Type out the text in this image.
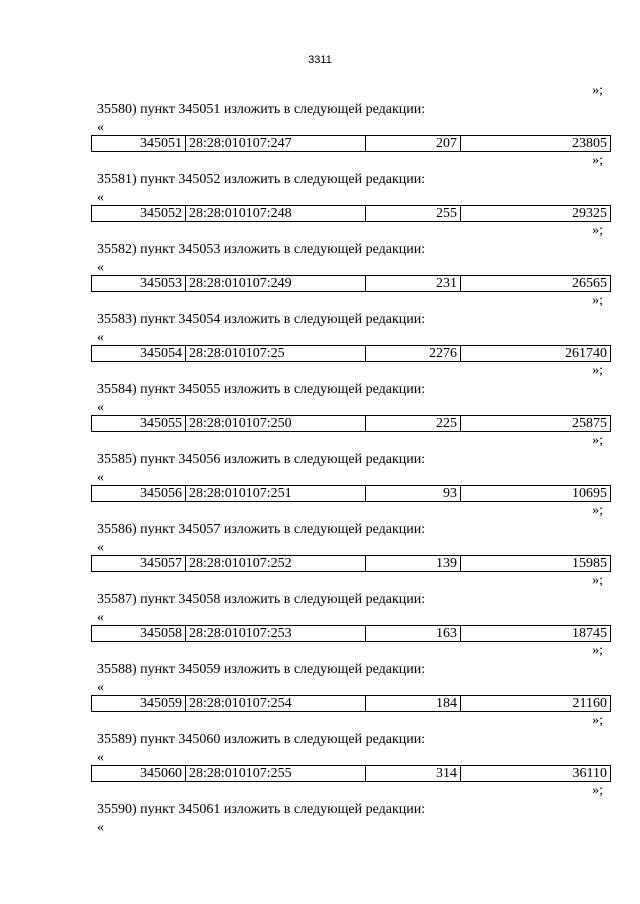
3311
»;
35580) пункт 345051 изложить в следующей редакции:
«
345051	28:28:010107:247	207	23805
»;
35581) пункт 345052 изложить в следующей редакции:
«
345052	28:28:010107:248	255	29325
»;
35582) пункт 345053 изложить в следующей редакции:
«
345053	28:28:010107:249	231	26565
»;
35583) пункт 345054 изложить в следующей редакции:
«
345054	28:28:010107:25	2276	261740
»;
35584) пункт 345055 изложить в следующей редакции:
«
345055	28:28:010107:250	225	25875
»;
35585) пункт 345056 изложить в следующей редакции:
«
345056	28:28:010107:251	93	10695
»;
35586) пункт 345057 изложить в следующей редакции:
«
345057	28:28:010107:252	139	15985
»;
35587) пункт 345058 изложить в следующей редакции:
«
345058	28:28:010107:253	163	18745
»;
35588) пункт 345059 изложить в следующей редакции:
«
345059	28:28:010107:254	184	21160
»;
35589) пункт 345060 изложить в следующей редакции:
«
345060	28:28:010107:255	314	36110
»;
35590) пункт 345061 изложить в следующей редакции:
«
